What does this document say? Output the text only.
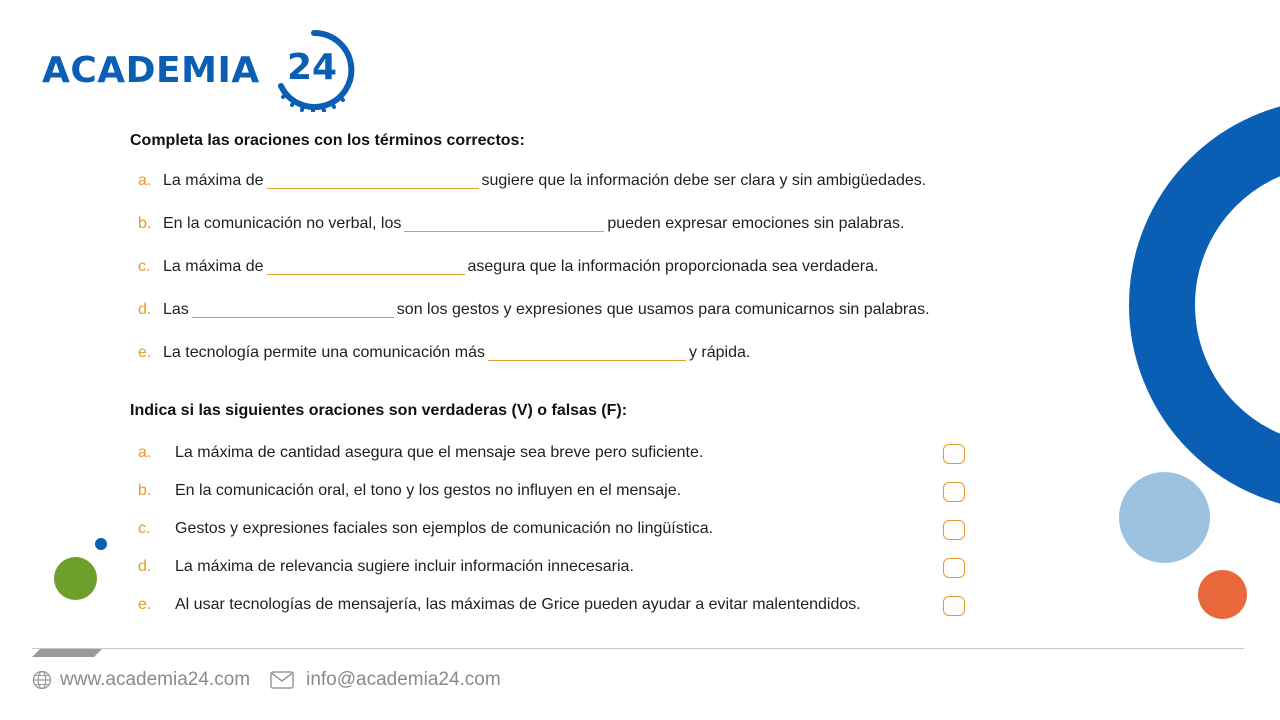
ACADEMIA 24
Completa las oraciones con los términos correctos:
a. La máxima de	sugiere que la información debe ser clara y sin ambigüedades.
b. En la comunicación no verbal, los	pueden expresar emociones sin palabras.
c. La máxima de	asegura que la información proporcionada sea verdadera.
d. Las	son los gestos y expresiones que usamos para comunicarnos sin palabras.
e. La tecnología permite una comunicación más	y rápida.
Indica si las siguientes oraciones son verdaderas (V) o falsas (F):
a.	La máxima de cantidad asegura que el mensaje sea breve pero suficiente.
b.	En la comunicación oral, el tono y los gestos no influyen en el mensaje.
c.	Gestos y expresiones faciales son ejemplos de comunicación no lingüística.
d.	La máxima de relevancia sugiere incluir información innecesaria.
e.	Al usar tecnologías de mensajería, las máximas de Grice pueden ayudar a evitar malentendidos.
www.academia24.com	info@academia24.com
